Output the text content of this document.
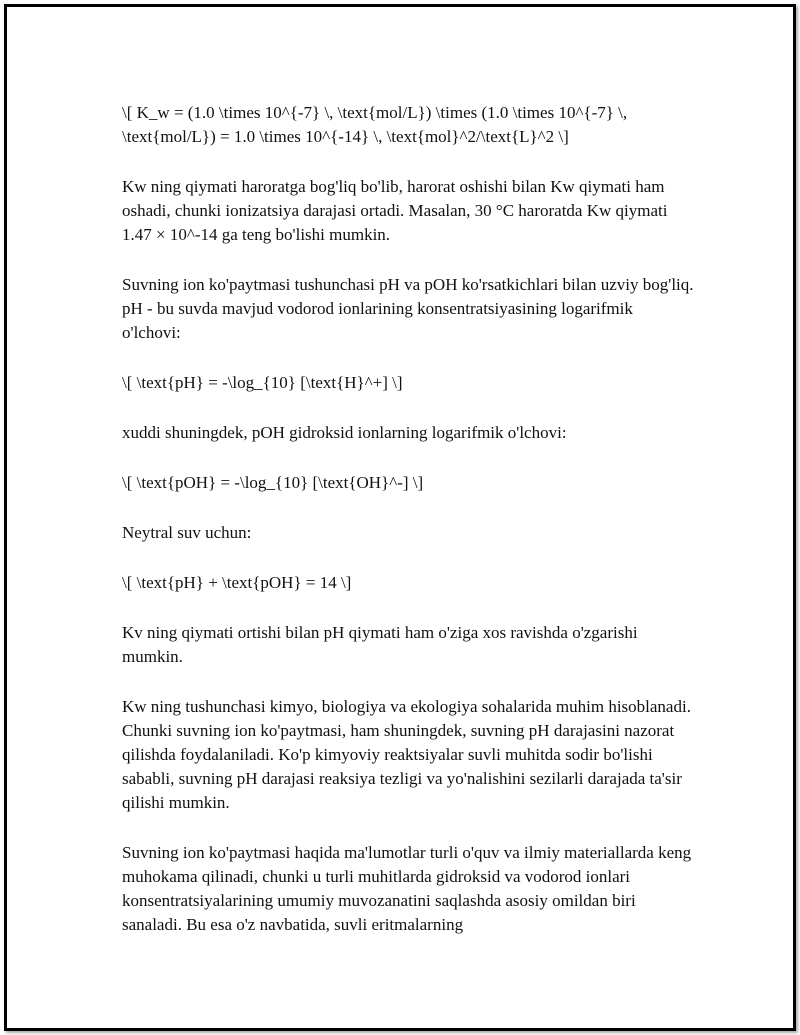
\[ K_w = (1.0 \times 10^{-7} \, \text{mol/L}) \times (1.0 \times 10^{-7} \, \text{mol/L}) = 1.0 \times 10^{-14} \, \text{mol}^2/\text{L}^2 \]

Kw ning qiymati haroratga bog'liq bo'lib, harorat oshishi bilan Kw qiymati ham oshadi, chunki ionizatsiya darajasi ortadi. Masalan, 30 °C haroratda Kw qiymati 1.47 × 10^-14 ga teng bo'lishi mumkin.

Suvning ion ko'paytmasi tushunchasi pH va pOH ko'rsatkichlari bilan uzviy bog'liq. pH - bu suvda mavjud vodorod ionlarining konsentratsiyasining logarifmik o'lchovi:

\[ \text{pH} = -\log_{10} [\text{H}^+] \]

xuddi shuningdek, pOH gidroksid ionlarning logarifmik o'lchovi:

\[ \text{pOH} = -\log_{10} [\text{OH}^-] \]

Neytral suv uchun:

\[ \text{pH} + \text{pOH} = 14 \]

Kv ning qiymati ortishi bilan pH qiymati ham o'ziga xos ravishda o'zgarishi mumkin.

Kw ning tushunchasi kimyo, biologiya va ekologiya sohalarida muhim hisoblanadi. Chunki suvning ion ko'paytmasi, ham shuningdek, suvning pH darajasini nazorat qilishda foydalaniladi. Ko'p kimyoviy reaktsiyalar suvli muhitda sodir bo'lishi sababli, suvning pH darajasi reaksiya tezligi va yo'nalishini sezilarli darajada ta'sir qilishi mumkin.

Suvning ion ko'paytmasi haqida ma'lumotlar turli o'quv va ilmiy materiallarda keng muhokama qilinadi, chunki u turli muhitlarda gidroksid va vodorod ionlari konsentratsiyalarining umumiy muvozanatini saqlashda asosiy omildan biri sanaladi. Bu esa o'z navbatida, suvli eritmalarning
